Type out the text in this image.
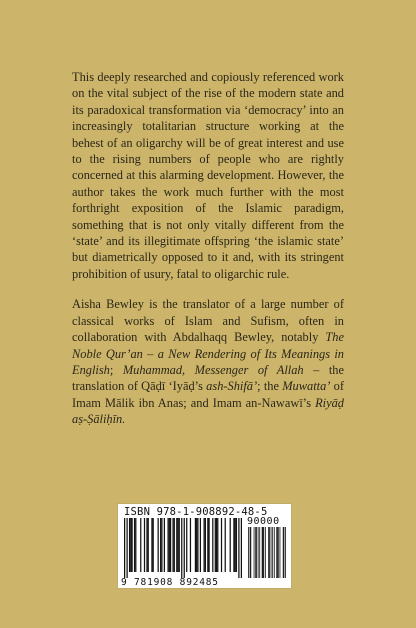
This deeply researched and copiously referenced work on the vital subject of the rise of the modern state and its paradoxical transformation via ‘democracy’ into an increasingly totalitarian structure working at the behest of an oligarchy will be of great interest and use to the rising numbers of people who are rightly concerned at this alarming development. However, the author takes the work much further with the most forthright exposition of the Islamic paradigm, something that is not only vitally different from the ‘state’ and its illegitimate offspring ‘the islamic state’ but diametrically opposed to it and, with its stringent prohibition of usury, fatal to oligarchic rule.

Aisha Bewley is the translator of a large number of classical works of Islam and Sufism, often in collaboration with Abdalhaqq Bewley, notably The Noble Qur’an – a New Rendering of Its Meanings in English; Muhammad, Messenger of Allah – the translation of Qāḍī ‘Iyāḍ’s ash-Shifā’; the Muwatta’ of Imam Mālik ibn Anas; and Imam an-Nawawī’s Riyāḍ aṣ-Ṣāliḥīn.

ISBN 978-1-908892-48-5
90000
9 781908 892485
